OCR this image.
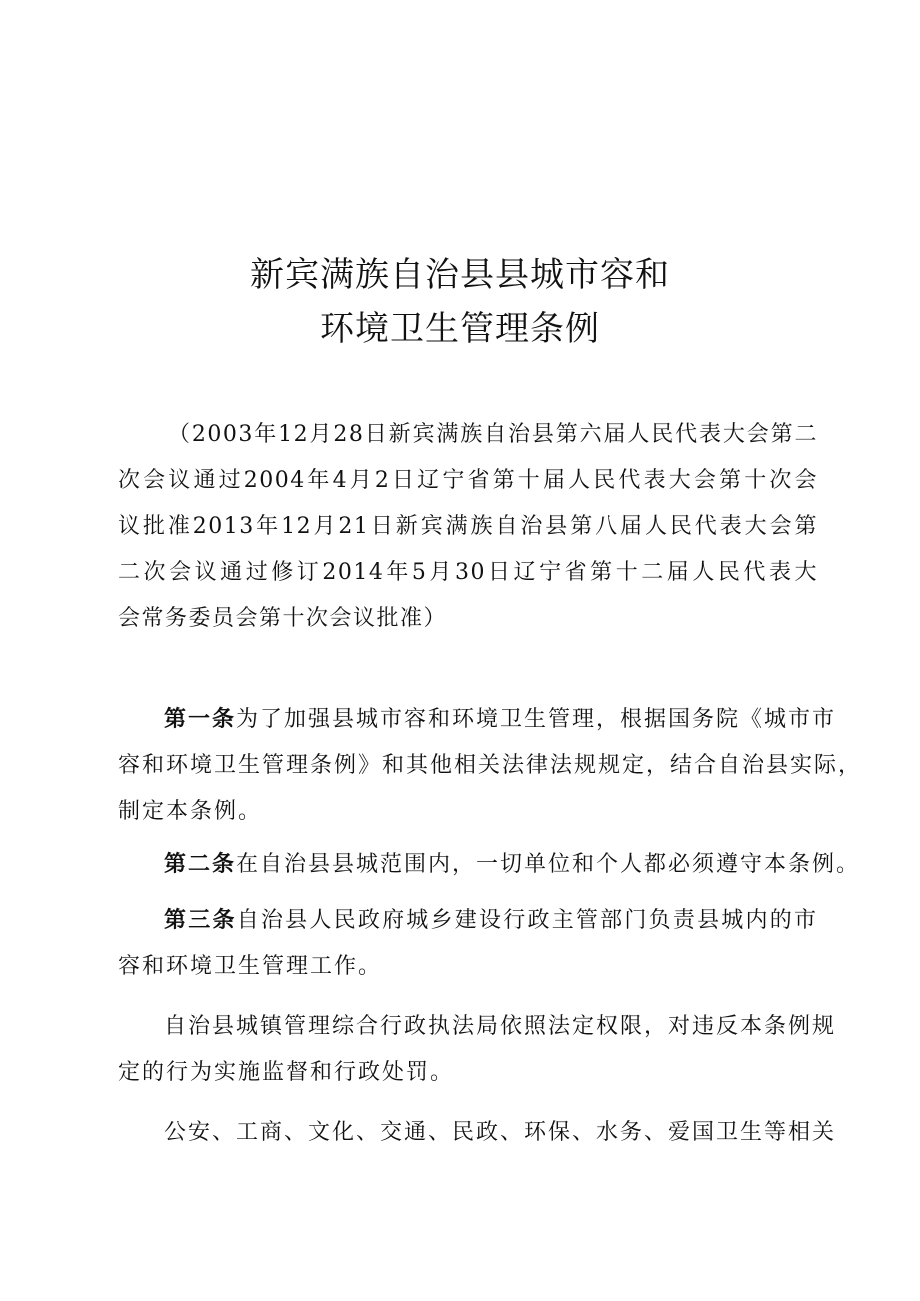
新宾满族自治县县城市容和
环境卫生管理条例
（2003年12月28日新宾满族自治县第六届人民代表大会第二
次会议通过2004年4月2日辽宁省第十届人民代表大会第十次会
议批准2013年12月21日新宾满族自治县第八届人民代表大会第
二次会议通过修订2014年5月30日辽宁省第十二届人民代表大
会常务委员会第十次会议批准）
第一条为了加强县城市容和环境卫生管理，根据国务院《城市市
容和环境卫生管理条例》和其他相关法律法规规定，结合自治县实际，
制定本条例。
第二条在自治县县城范围内，一切单位和个人都必须遵守本条例。
第三条自治县人民政府城乡建设行政主管部门负责县城内的市
容和环境卫生管理工作。
自治县城镇管理综合行政执法局依照法定权限，对违反本条例规
定的行为实施监督和行政处罚。
公安、工商、文化、交通、民政、环保、水务、爱国卫生等相关
